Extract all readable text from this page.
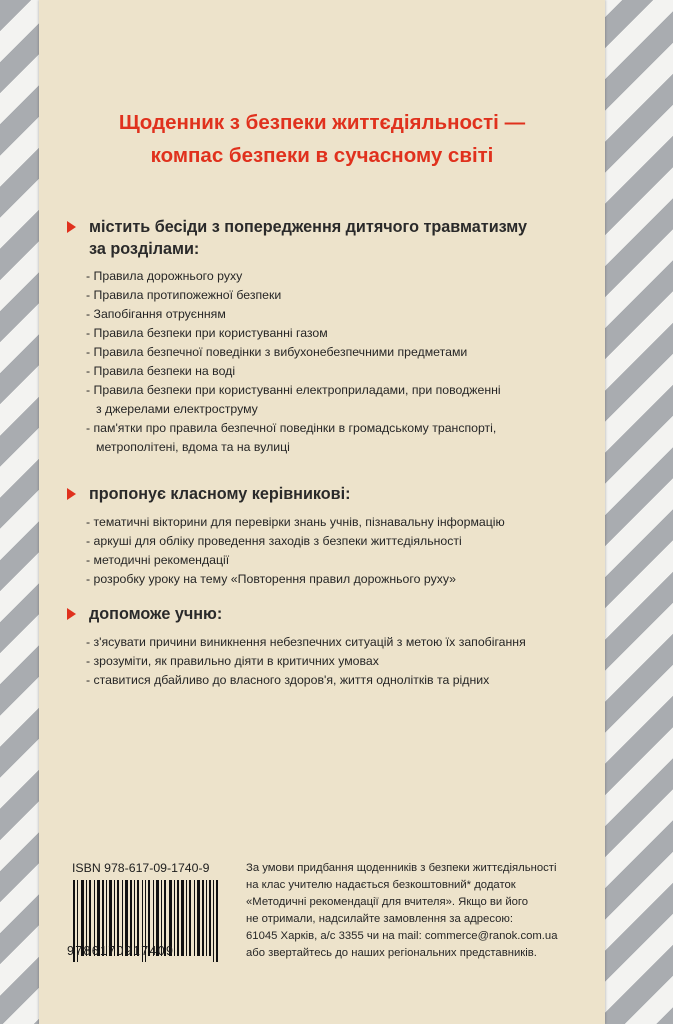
Щоденник з безпеки життєдіяльності —
компас безпеки в сучасному світі
містить бесіди з попередження дитячого травматизму
за розділами:
- Правила дорожнього руху
- Правила протипожежної безпеки
- Запобігання отруєнням
- Правила безпеки при користуванні газом
- Правила безпечної поведінки з вибухонебезпечними предметами
- Правила безпеки на воді
- Правила безпеки при користуванні електроприладами, при поводженні
з джерелами електроструму
- пам'ятки про правила безпечної поведінки в громадському транспорті,
метрополітені, вдома та на вулиці
пропонує класному керівникові:
- тематичні вікторини для перевірки знань учнів, пізнавальну інформацію
- аркуші для обліку проведення заходів з безпеки життєдіяльності
- методичні рекомендації
- розробку уроку на тему «Повторення правил дорожнього руху»
допоможе учню:
- з'ясувати причини виникнення небезпечних ситуацій з метою їх запобігання
- зрозуміти, як правильно діяти в критичних умовах
- ставитися дбайливо до власного здоров'я, життя однолітків та рідних
ISBN 978-617-09-1740-9
9786170917409
За умови придбання щоденників з безпеки життєдіяльності
на клас учителю надається безкоштовний* додаток
«Методичні рекомендації для вчителя». Якщо ви його
не отримали, надсилайте замовлення за адресою:
61045 Харків, а/с 3355 чи на mail: commerce@ranok.com.ua
або звертайтесь до наших регіональних представників.
